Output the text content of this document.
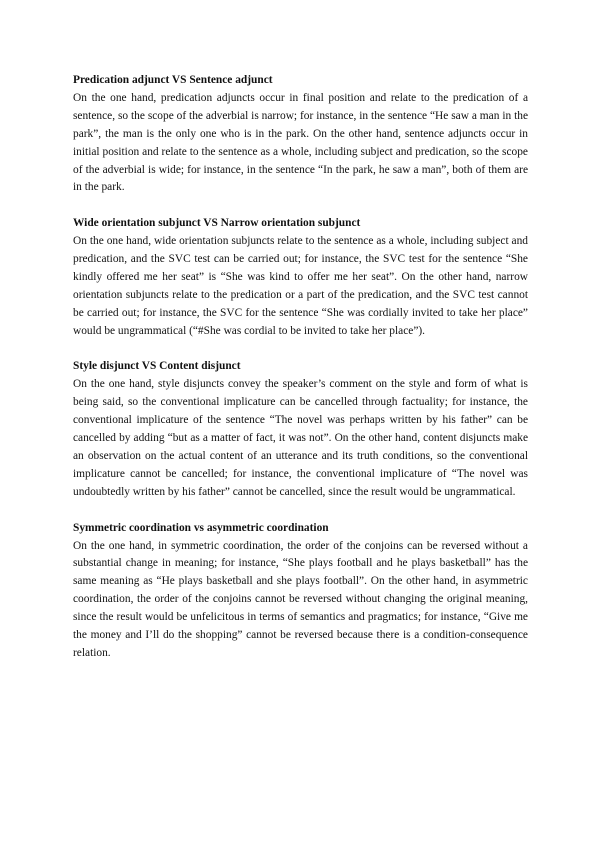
Predication adjunct VS Sentence adjunct

On the one hand, predication adjuncts occur in final position and relate to the predication of a sentence, so the scope of the adverbial is narrow; for instance, in the sentence “He saw a man in the park”, the man is the only one who is in the park. On the other hand, sentence adjuncts occur in initial position and relate to the sentence as a whole, including subject and predication, so the scope of the adverbial is wide; for instance, in the sentence “In the park, he saw a man”, both of them are in the park.

Wide orientation subjunct VS Narrow orientation subjunct

On the one hand, wide orientation subjuncts relate to the sentence as a whole, including subject and predication, and the SVC test can be carried out; for instance, the SVC test for the sentence “She kindly offered me her seat” is “She was kind to offer me her seat”. On the other hand, narrow orientation subjuncts relate to the predication or a part of the predication, and the SVC test cannot be carried out; for instance, the SVC for the sentence “She was cordially invited to take her place” would be ungrammatical (“#She was cordial to be invited to take her place”).

Style disjunct VS Content disjunct

On the one hand, style disjuncts convey the speaker’s comment on the style and form of what is being said, so the conventional implicature can be cancelled through factuality; for instance, the conventional implicature of the sentence “The novel was perhaps written by his father” can be cancelled by adding “but as a matter of fact, it was not”. On the other hand, content disjuncts make an observation on the actual content of an utterance and its truth conditions, so the conventional implicature cannot be cancelled; for instance, the conventional implicature of “The novel was undoubtedly written by his father” cannot be cancelled, since the result would be ungrammatical.

Symmetric coordination vs asymmetric coordination

On the one hand, in symmetric coordination, the order of the conjoins can be reversed without a substantial change in meaning; for instance, “She plays football and he plays basketball” has the same meaning as “He plays basketball and she plays football”. On the other hand, in asymmetric coordination, the order of the conjoins cannot be reversed without changing the original meaning, since the result would be unfelicitous in terms of semantics and pragmatics; for instance, “Give me the money and I’ll do the shopping” cannot be reversed because there is a condition-consequence relation.
